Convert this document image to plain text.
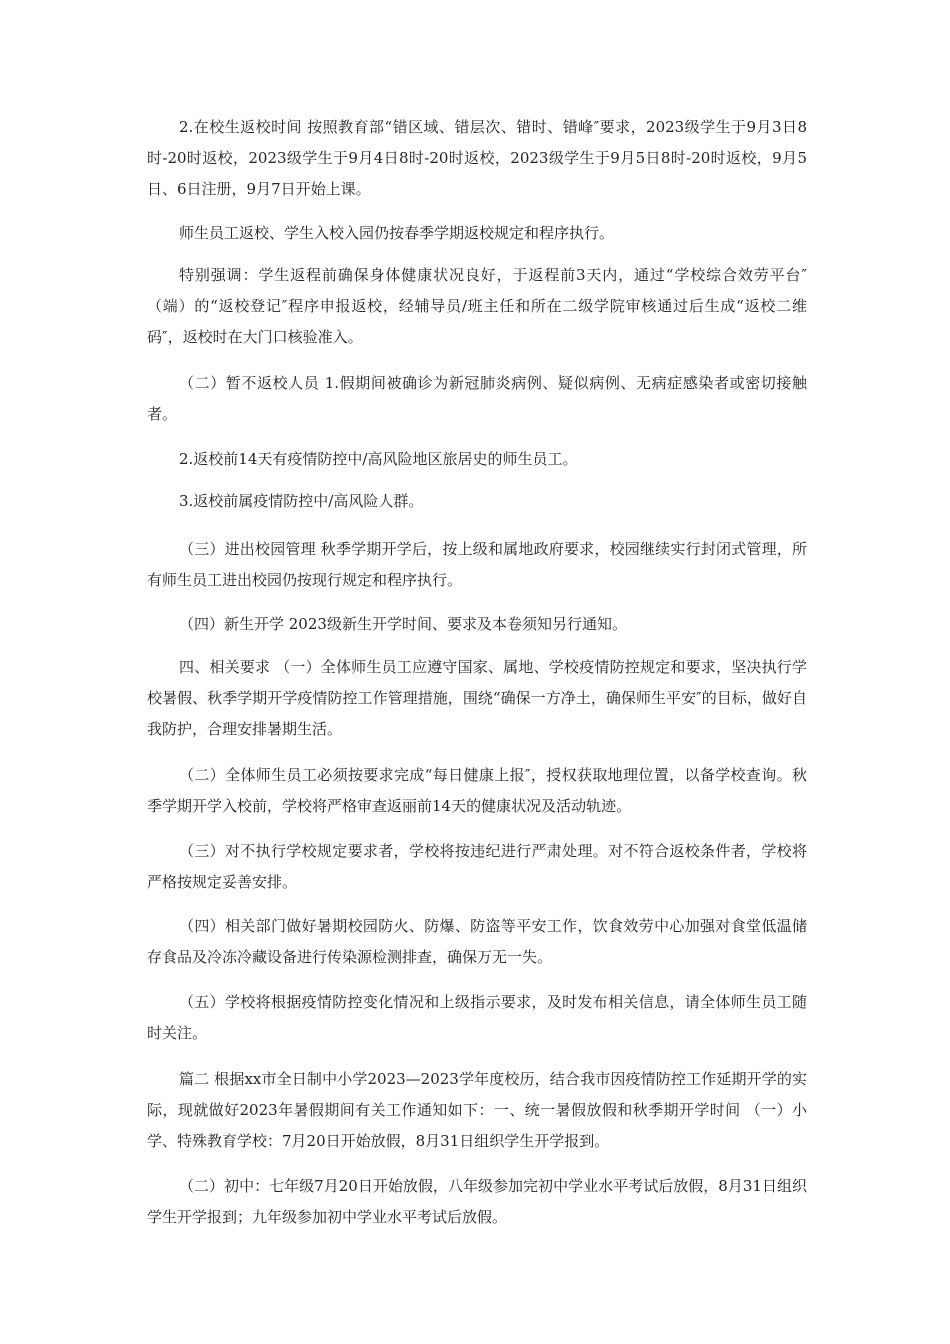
2.在校生返校时间 按照教育部“错区域、错层次、错时、错峰″要求，2023级学生于9月3日8时-20时返校，2023级学生于9月4日8时-20时返校，2023级学生于9月5日8时-20时返校，9月5日、6日注册，9月7日开始上课。

师生员工返校、学生入校入园仍按春季学期返校规定和程序执行。

特别强调：学生返程前确保身体健康状况良好，于返程前3天内，通过“学校综合效劳平台″（端）的“返校登记″程序申报返校，经辅导员/班主任和所在二级学院审核通过后生成“返校二维码″，返校时在大门口核验准入。

（二）暂不返校人员 1.假期间被确诊为新冠肺炎病例、疑似病例、无病症感染者或密切接触者。

2.返校前14天有疫情防控中/高风险地区旅居史的师生员工。

3.返校前属疫情防控中/高风险人群。

（三）进出校园管理 秋季学期开学后，按上级和属地政府要求，校园继续实行封闭式管理，所有师生员工进出校园仍按现行规定和程序执行。

（四）新生开学 2023级新生开学时间、要求及本卷须知另行通知。

四、相关要求 （一）全体师生员工应遵守国家、属地、学校疫情防控规定和要求，坚决执行学校暑假、秋季学期开学疫情防控工作管理措施，围绕“确保一方净土，确保师生平安″的目标，做好自我防护，合理安排暑期生活。

（二）全体师生员工必须按要求完成“每日健康上报″，授权获取地理位置，以备学校查询。秋季学期开学入校前，学校将严格审查返丽前14天的健康状况及活动轨迹。

（三）对不执行学校规定要求者，学校将按违纪进行严肃处理。对不符合返校条件者，学校将严格按规定妥善安排。

（四）相关部门做好暑期校园防火、防爆、防盗等平安工作，饮食效劳中心加强对食堂低温储存食品及冷冻冷藏设备进行传染源检测排查，确保万无一失。

（五）学校将根据疫情防控变化情况和上级指示要求，及时发布相关信息，请全体师生员工随时关注。

篇二 根据xx市全日制中小学2023—2023学年度校历，结合我市因疫情防控工作延期开学的实际，现就做好2023年暑假期间有关工作通知如下：一、统一暑假放假和秋季期开学时间 （一）小学、特殊教育学校：7月20日开始放假，8月31日组织学生开学报到。

（二）初中：七年级7月20日开始放假，八年级参加完初中学业水平考试后放假，8月31日组织学生开学报到；九年级参加初中学业水平考试后放假。
